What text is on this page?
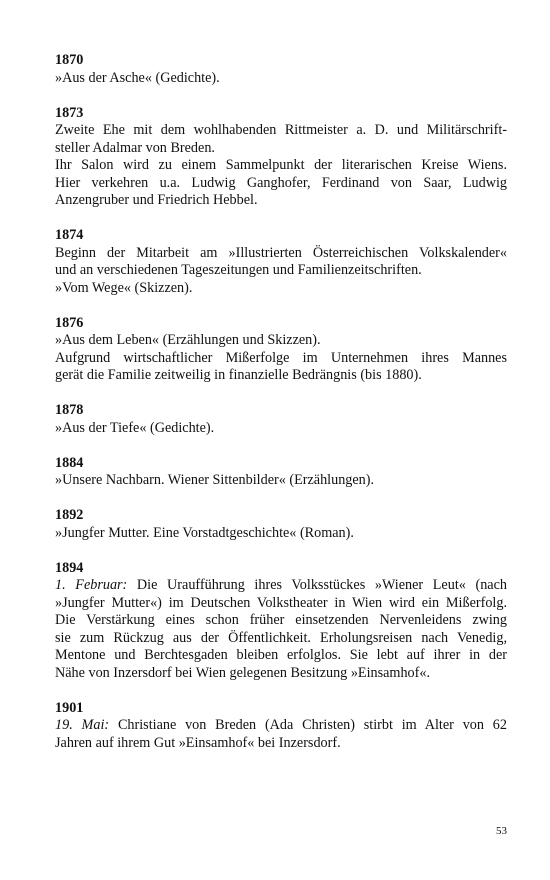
1870

»Aus der Asche« (Gedichte).

1873

Zweite Ehe mit dem wohlhabenden Rittmeister a. D. und Militärschrift-

steller Adalmar von Breden.

Ihr Salon wird zu einem Sammelpunkt der literarischen Kreise Wiens.

Hier verkehren u.a. Ludwig Ganghofer, Ferdinand von Saar, Ludwig

Anzengruber und Friedrich Hebbel.

1874

Beginn der Mitarbeit am »Illustrierten Österreichischen Volkskalender«

und an verschiedenen Tageszeitungen und Familienzeitschriften.

»Vom Wege« (Skizzen).

1876

»Aus dem Leben« (Erzählungen und Skizzen).

Aufgrund wirtschaftlicher Mißerfolge im Unternehmen ihres Mannes

gerät die Familie zeitweilig in finanzielle Bedrängnis (bis 1880).

1878

»Aus der Tiefe« (Gedichte).

1884

»Unsere Nachbarn. Wiener Sittenbilder« (Erzählungen).

1892

»Jungfer Mutter. Eine Vorstadtgeschichte« (Roman).

1894

1. Februar: Die Uraufführung ihres Volksstückes »Wiener Leut« (nach

»Jungfer Mutter«) im Deutschen Volkstheater in Wien wird ein Mißerfolg.

Die Verstärkung eines schon früher einsetzenden Nervenleidens zwing

sie zum Rückzug aus der Öffentlichkeit. Erholungsreisen nach Venedig,

Mentone und Berchtesgaden bleiben erfolglos. Sie lebt auf ihrer in der

Nähe von Inzersdorf bei Wien gelegenen Besitzung »Einsamhof«.

1901

19. Mai: Christiane von Breden (Ada Christen) stirbt im Alter von 62

Jahren auf ihrem Gut »Einsamhof« bei Inzersdorf.

53
